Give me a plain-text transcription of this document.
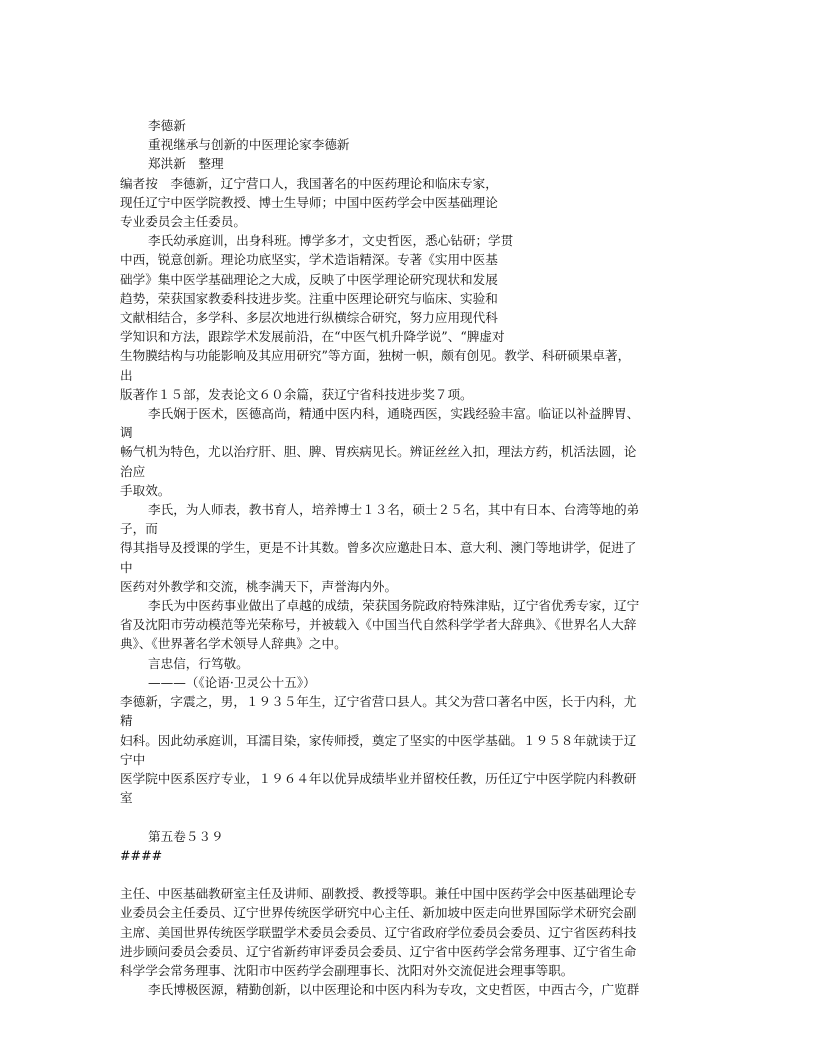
李德新
重视继承与创新的中医理论家李德新
郑洪新　整理
编者按　李德新，辽宁营口人，我国著名的中医药理论和临床专家，
现任辽宁中医学院教授、博士生导师；中国中医药学会中医基础理论
专业委员会主任委员。
李氏幼承庭训，出身科班。博学多才，文史哲医，悉心钻研；学贯
中西，锐意创新。理论功底坚实，学术造诣精深。专著《实用中医基
础学》集中医学基础理论之大成，反映了中医学理论研究现状和发展
趋势，荣获国家教委科技进步奖。注重中医理论研究与临床、实验和
文献相结合，多学科、多层次地进行纵横综合研究，努力应用现代科
学知识和方法，跟踪学术发展前沿，在“中医气机升降学说”、“脾虚对
生物膜结构与功能影响及其应用研究”等方面，独树一帜，颇有创见。教学、科研硕果卓著，
出
版著作１５部，发表论文６０余篇，获辽宁省科技进步奖７项。
李氏娴于医术，医德高尚，精通中医内科，通晓西医，实践经验丰富。临证以补益脾胃、
调
畅气机为特色，尤以治疗肝、胆、脾、胃疾病见长。辨证丝丝入扣，理法方药，机活法圆，论
治应
手取效。
李氏，为人师表，教书育人，培养博士１３名，硕士２５名，其中有日本、台湾等地的弟
子，而
得其指导及授课的学生，更是不计其数。曾多次应邀赴日本、意大利、澳门等地讲学，促进了
中
医药对外教学和交流，桃李满天下，声誉海内外。
李氏为中医药事业做出了卓越的成绩，荣获国务院政府特殊津贴，辽宁省优秀专家，辽宁
省及沈阳市劳动模范等光荣称号，并被载入《中国当代自然科学学者大辞典》、《世界名人大辞
典》、《世界著名学术领导人辞典》之中。
言忠信，行笃敬。
———（《论语·卫灵公十五》）
李德新，字震之，男，１９３５年生，辽宁省营口县人。其父为营口著名中医，长于内科，尤
精
妇科。因此幼承庭训，耳濡目染，家传师授，奠定了坚实的中医学基础。１９５８年就读于辽
宁中
医学院中医系医疗专业，１９６４年以优异成绩毕业并留校任教，历任辽宁中医学院内科教研
室
第五卷５３９
####
主任、中医基础教研室主任及讲师、副教授、教授等职。兼任中国中医药学会中医基础理论专
业委员会主任委员、辽宁世界传统医学研究中心主任、新加坡中医走向世界国际学术研究会副
主席、美国世界传统医学联盟学术委员会委员、辽宁省政府学位委员会委员、辽宁省医药科技
进步顾问委员会委员、辽宁省新药审评委员会委员、辽宁省中医药学会常务理事、辽宁省生命
科学学会常务理事、沈阳市中医药学会副理事长、沈阳对外交流促进会理事等职。
李氏博极医源，精勤创新，以中医理论和中医内科为专攻，文史哲医，中西古今，广览群
